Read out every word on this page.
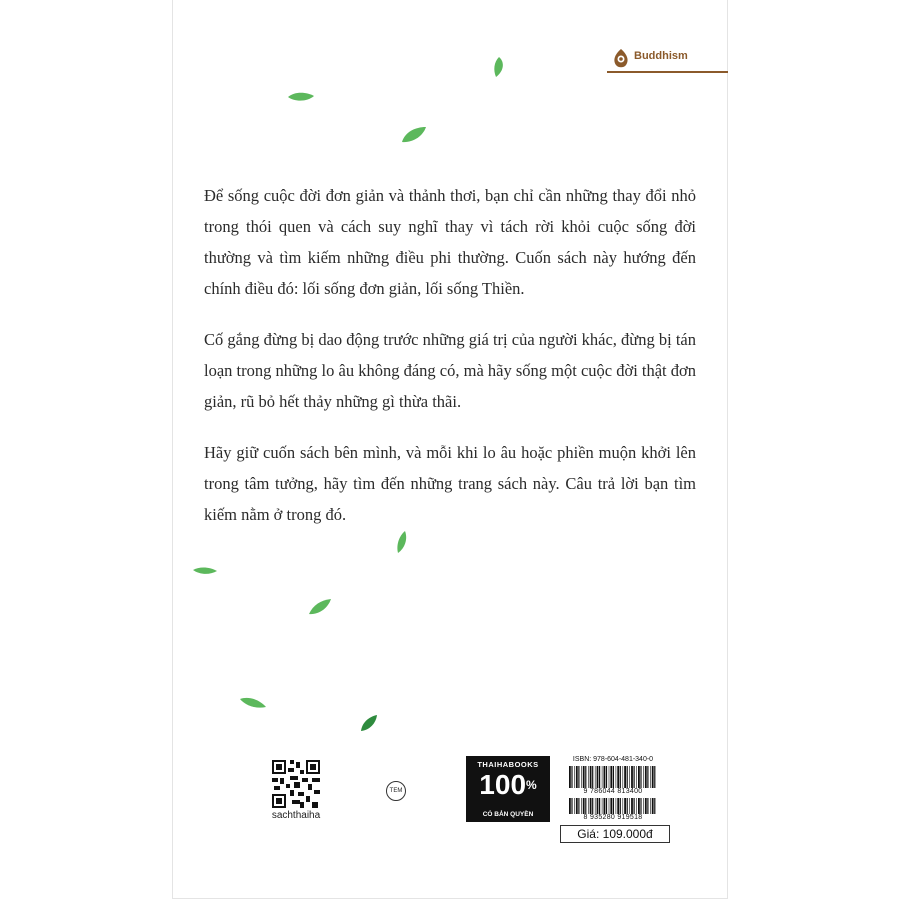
Buddhism

Để sống cuộc đời đơn giản và thảnh thơi, bạn chỉ cần những thay đổi nhỏ trong thói quen và cách suy nghĩ thay vì tách rời khỏi cuộc sống đời thường và tìm kiếm những điều phi thường. Cuốn sách này hướng đến chính điều đó: lối sống đơn giản, lối sống Thiền.

Cố gắng đừng bị dao động trước những giá trị của người khác, đừng bị tán loạn trong những lo âu không đáng có, mà hãy sống một cuộc đời thật đơn giản, rũ bỏ hết thảy những gì thừa thãi.

Hãy giữ cuốn sách bên mình, và mỗi khi lo âu hoặc phiền muộn khởi lên trong tâm tưởng, hãy tìm đến những trang sách này. Câu trả lời bạn tìm kiếm nằm ở trong đó.

sachthaiha
TEM
THAIHABOOKS
100%
CÓ BẢN QUYỀN
ISBN: 978-604-481-340-0
9 786044 813400
8 935280 919518
Giá: 109.000đ
